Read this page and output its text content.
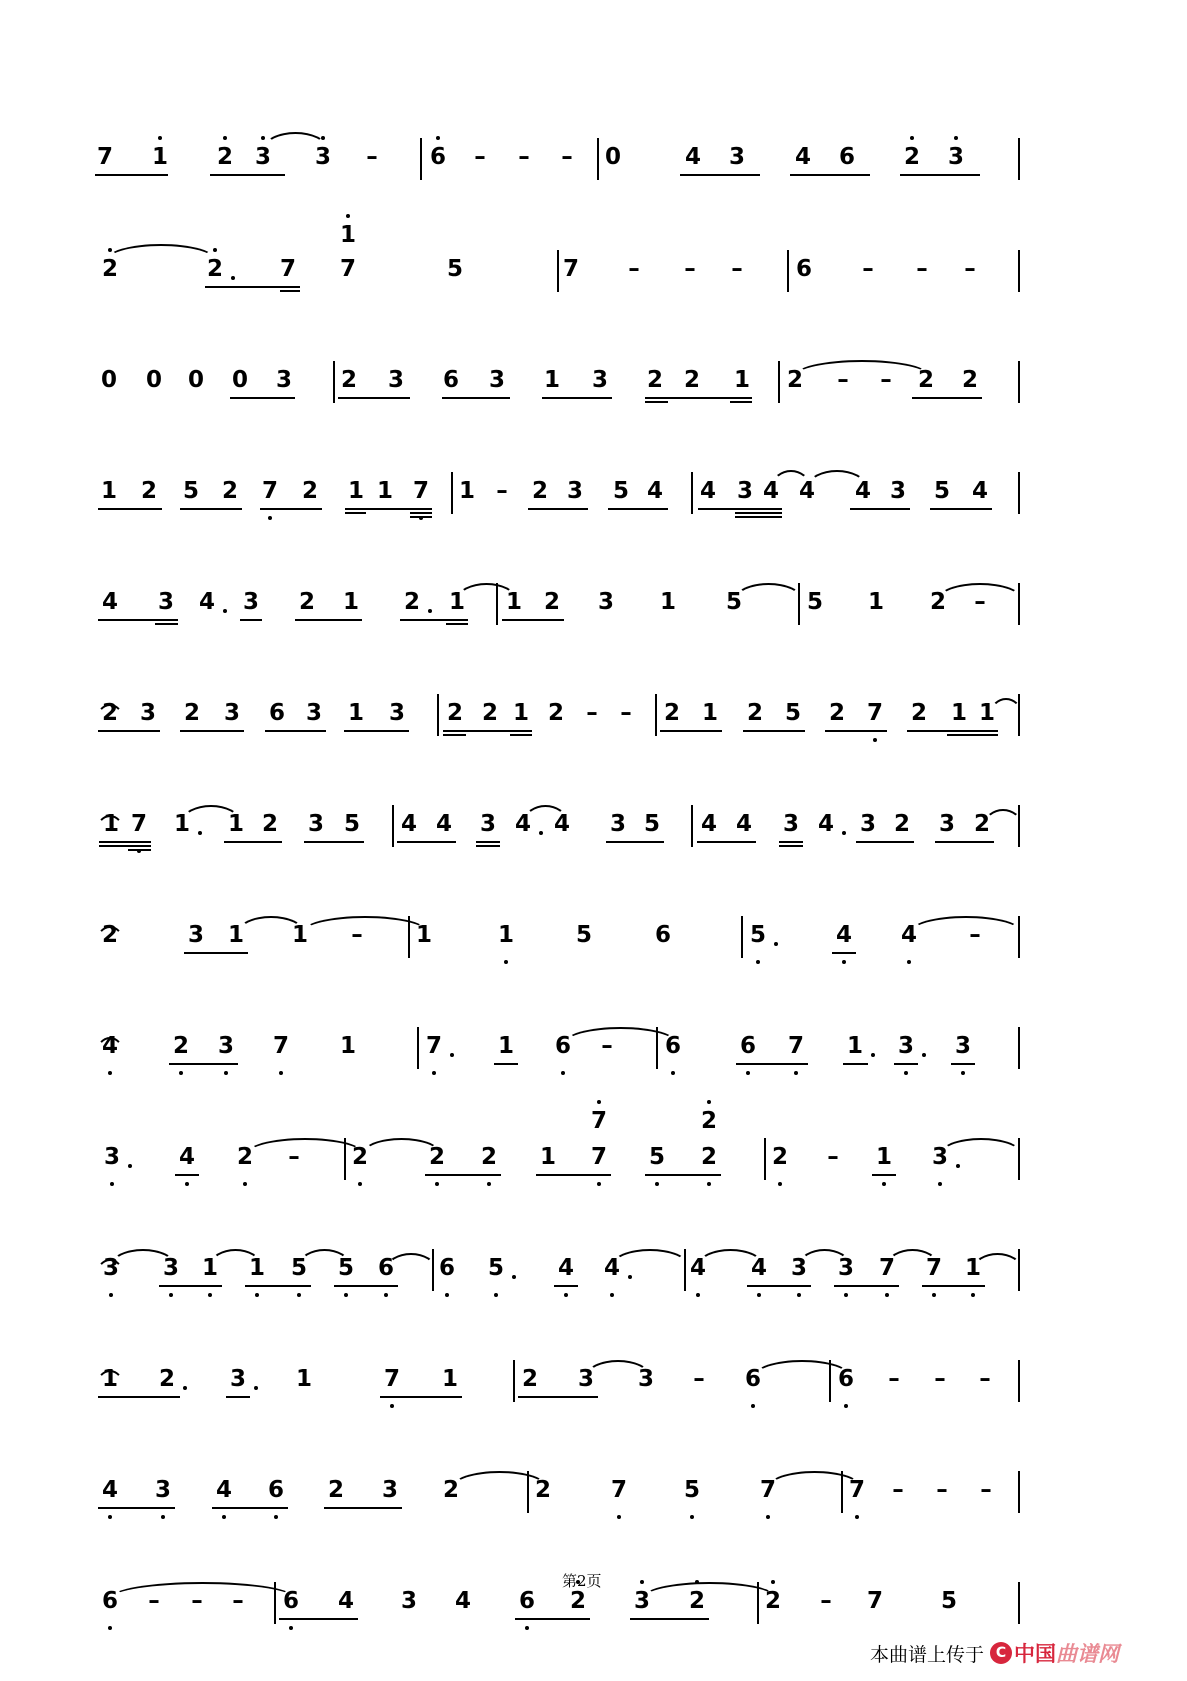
7 1 2 3 3 – 6 – – – 0	4 3 4 6 2 3
2	2 7 7
1
5	7 – – – 6 – – –
0 0 0 0 3 2 3 6 3 1 3 2 2 1 2 – – 2 2
1 2 5 2 7 2 1 1 7 1 – 2 3 5 4 4 3 4 4 4 3 5 4
4 3 4 3 2 1 2 1 1 2 3 1 5	5 1 2 –
2 3 2 3 6 3 1 3 2 2 1 2 – – 2 1 2 5 2 7 2 1 1
1 7 1 1 2 3 5 4 4 3 4 4 3 5 4 4 3 4 3 2 3 2
2	3 1 1 – 1	1	5	6	5	4 4 –
4 2 3 7 1	7 1 6 – 6	6 7 1 3 3
3	4 2 – 2	2 2 1 7
7
5 2
2
2 – 1 3
3 3 1 1 5 5 6 6 5 4 4	4 4 3 3 7 7 1
1 2 3 1	7 1	2 3 3 – 6	6 – – –
4 3 4 6 2 3 2	2	7 5	7	7 – – –
6 – – – 6 4 3 4 6 2 3 2	2 – 7	5
第2页
本曲谱上传于 C 中国 曲谱网
